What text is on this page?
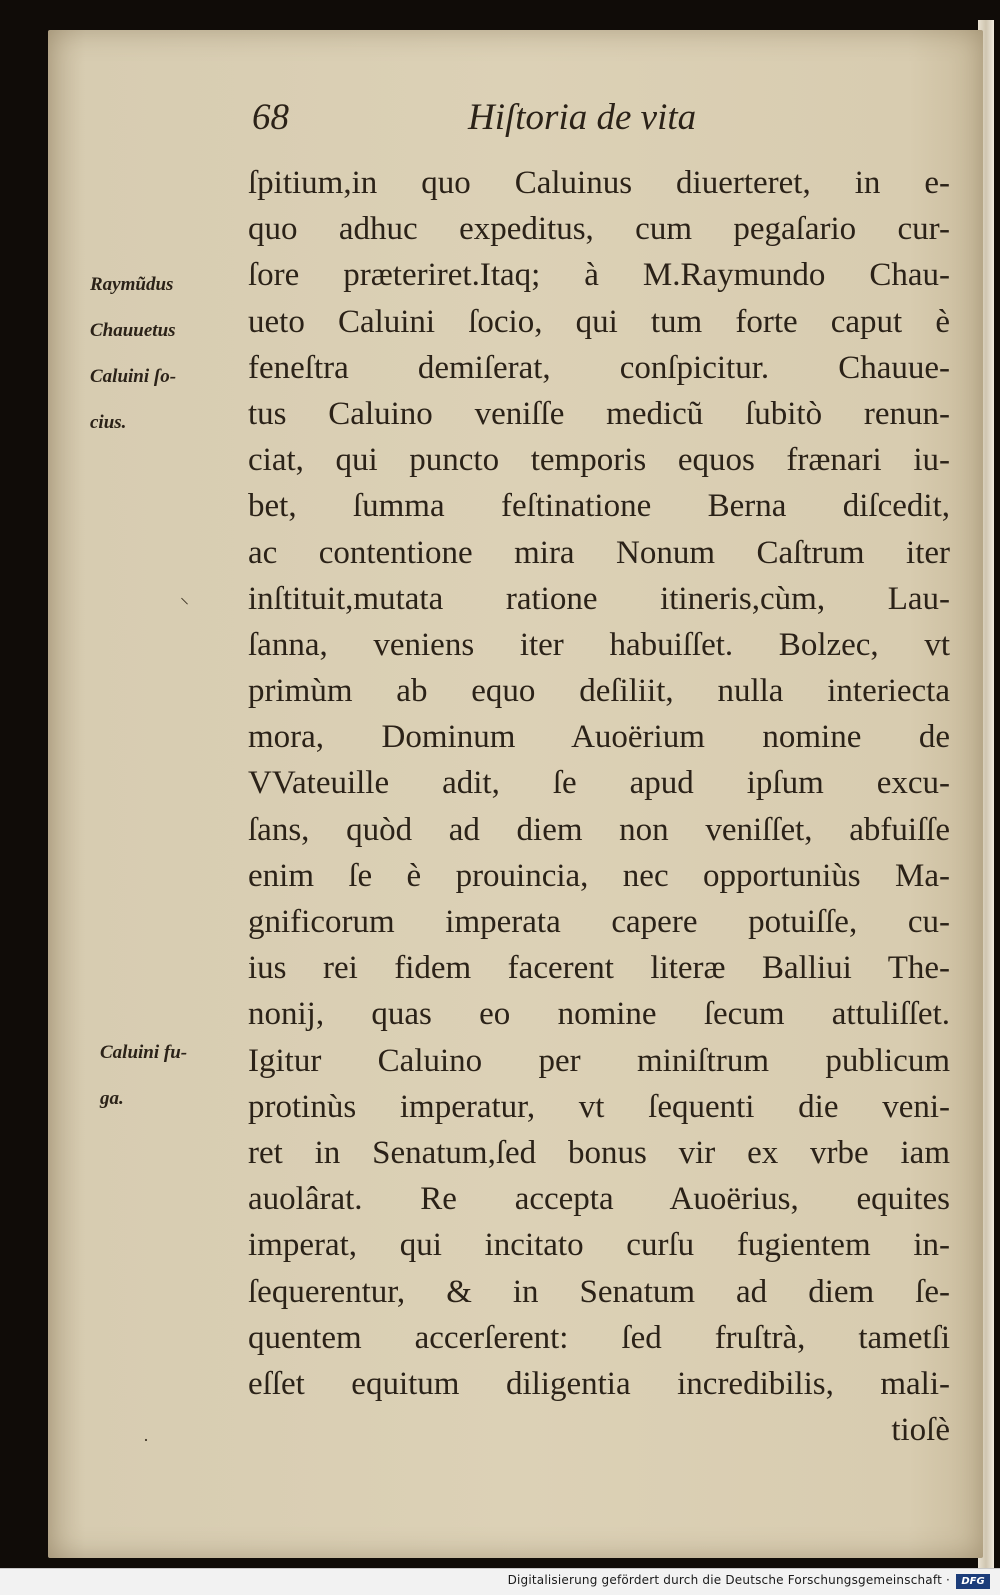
68	Hiſtoria de vita

Raymũdus
Chauuetus
Caluini ſo-
cius.
Caluini fu-
ga.
ſpitium,in quo Caluinus diuerteret, in e-
quo adhuc expeditus, cum pegaſario cur-
ſore præteriret.Itaq; à M.Raymundo Chau-
ueto Caluini ſocio, qui tum forte caput è
feneſtra demiſerat, conſpicitur. Chauue-
tus Caluino veniſſe medicũ ſubitò renun-
ciat, qui puncto temporis equos frænari iu-
bet, ſumma feſtinatione Berna diſcedit,
ac contentione mira Nonum Caſtrum iter
inſtituit,mutata ratione itineris,cùm, Lau-
ſanna, veniens iter habuiſſet. Bolzec, vt
primùm ab equo deſiliit, nulla interiecta
mora, Dominum Auoërium nomine de
VVateuille adit, ſe apud ipſum excu-
ſans, quòd ad diem non veniſſet, abfuiſſe
enim ſe è prouincia, nec opportuniùs Ma-
gnificorum imperata capere potuiſſe, cu-
ius rei fidem facerent literæ Balliui The-
nonij, quas eo nomine ſecum attuliſſet.
Igitur Caluino per miniſtrum publicum
protinùs imperatur, vt ſequenti die veni-
ret in Senatum,ſed bonus vir ex vrbe iam
auolârat. Re accepta Auoërius, equites
imperat, qui incitato curſu fugientem in-
ſequerentur, & in Senatum ad diem ſe-
quentem accerſerent: ſed fruſtrà, tametſi
eſſet equitum diligentia incredibilis, mali-
tioſè
⸜
·
Digitalisierung gefördert durch die Deutsche Forschungsgemeinschaft ·	DFG
